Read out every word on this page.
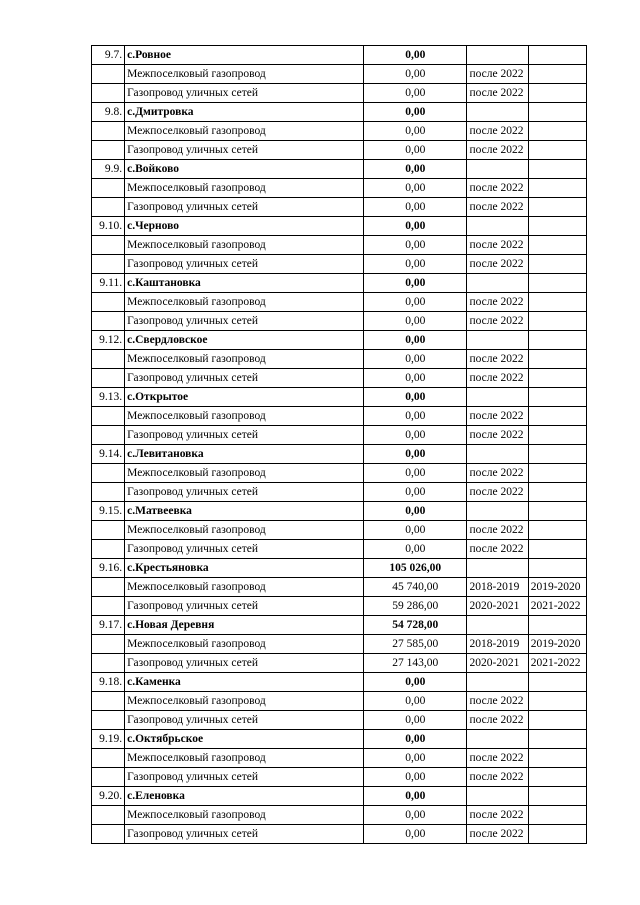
9.7.	с.Ровное	0,00		
	Межпоселковый газопровод	0,00	после 2022	
	Газопровод уличных сетей	0,00	после 2022	
9.8.	с.Дмитровка	0,00		
	Межпоселковый газопровод	0,00	после 2022	
	Газопровод уличных сетей	0,00	после 2022	
9.9.	с.Войково	0,00		
	Межпоселковый газопровод	0,00	после 2022	
	Газопровод уличных сетей	0,00	после 2022	
9.10.	с.Черново	0,00		
	Межпоселковый газопровод	0,00	после 2022	
	Газопровод уличных сетей	0,00	после 2022	
9.11.	с.Каштановка	0,00		
	Межпоселковый газопровод	0,00	после 2022	
	Газопровод уличных сетей	0,00	после 2022	
9.12.	с.Свердловское	0,00		
	Межпоселковый газопровод	0,00	после 2022	
	Газопровод уличных сетей	0,00	после 2022	
9.13.	с.Открытое	0,00		
	Межпоселковый газопровод	0,00	после 2022	
	Газопровод уличных сетей	0,00	после 2022	
9.14.	с.Левитановка	0,00		
	Межпоселковый газопровод	0,00	после 2022	
	Газопровод уличных сетей	0,00	после 2022	
9.15.	с.Матвеевка	0,00		
	Межпоселковый газопровод	0,00	после 2022	
	Газопровод уличных сетей	0,00	после 2022	
9.16.	с.Крестьяновка	105 026,00		
	Межпоселковый газопровод	45 740,00	2018-2019	2019-2020
	Газопровод уличных сетей	59 286,00	2020-2021	2021-2022
9.17.	с.Новая Деревня	54 728,00		
	Межпоселковый газопровод	27 585,00	2018-2019	2019-2020
	Газопровод уличных сетей	27 143,00	2020-2021	2021-2022
9.18.	с.Каменка	0,00		
	Межпоселковый газопровод	0,00	после 2022	
	Газопровод уличных сетей	0,00	после 2022	
9.19.	с.Октябрьское	0,00		
	Межпоселковый газопровод	0,00	после 2022	
	Газопровод уличных сетей	0,00	после 2022	
9.20.	с.Еленовка	0,00		
	Межпоселковый газопровод	0,00	после 2022	
	Газопровод уличных сетей	0,00	после 2022	
